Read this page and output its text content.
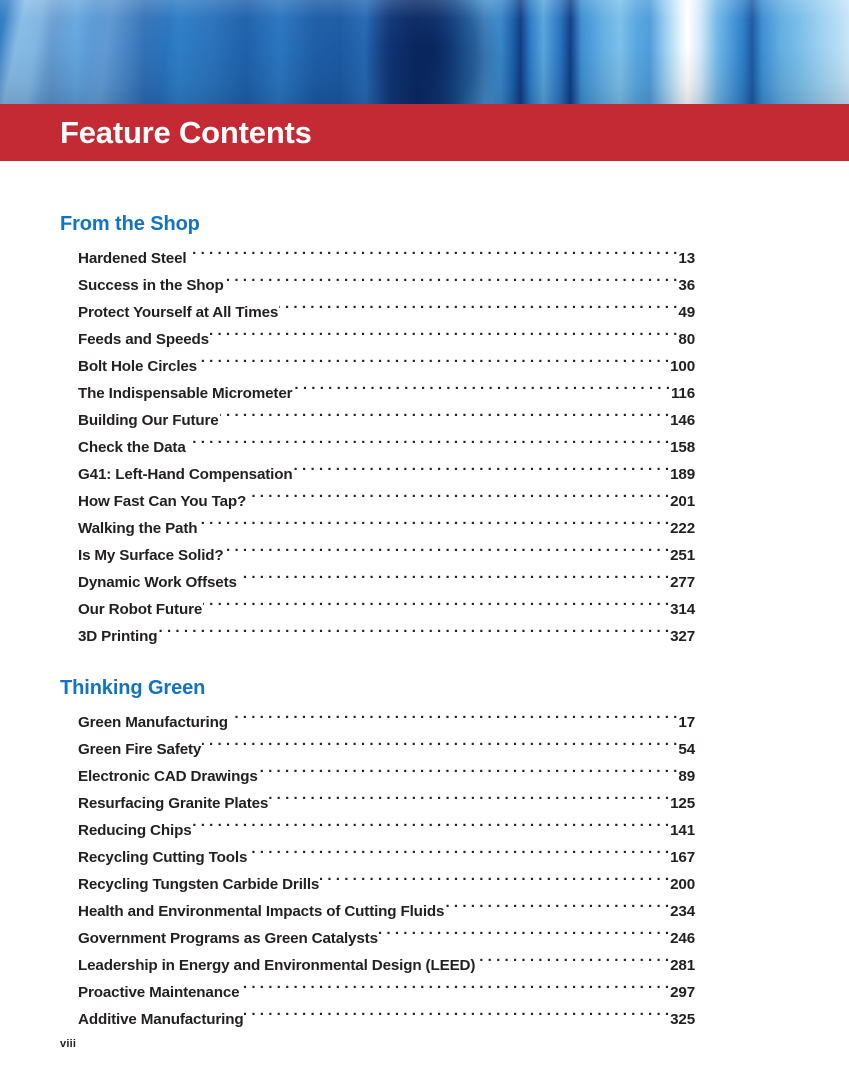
Feature Contents
From the Shop
Hardened Steel . . .	13
Success in the Shop . . .	36
Protect Yourself at All Times . . .	49
Feeds and Speeds . . .	80
Bolt Hole Circles . . .	100
The Indispensable Micrometer . . .	116
Building Our Future . . .	146
Check the Data . . .	158
G41: Left-Hand Compensation . . .	189
How Fast Can You Tap? . . .	201
Walking the Path . . .	222
Is My Surface Solid? . . .	251
Dynamic Work Offsets . . .	277
Our Robot Future . . .	314
3D Printing . . .	327
Thinking Green
Green Manufacturing . . .	17
Green Fire Safety . . .	54
Electronic CAD Drawings . . .	89
Resurfacing Granite Plates . . .	125
Reducing Chips . . .	141
Recycling Cutting Tools . . .	167
Recycling Tungsten Carbide Drills . . .	200
Health and Environmental Impacts of Cutting Fluids . . .	234
Government Programs as Green Catalysts . . .	246
Leadership in Energy and Environmental Design (LEED) . . .	281
Proactive Maintenance . . .	297
Additive Manufacturing . . .	325
viii
